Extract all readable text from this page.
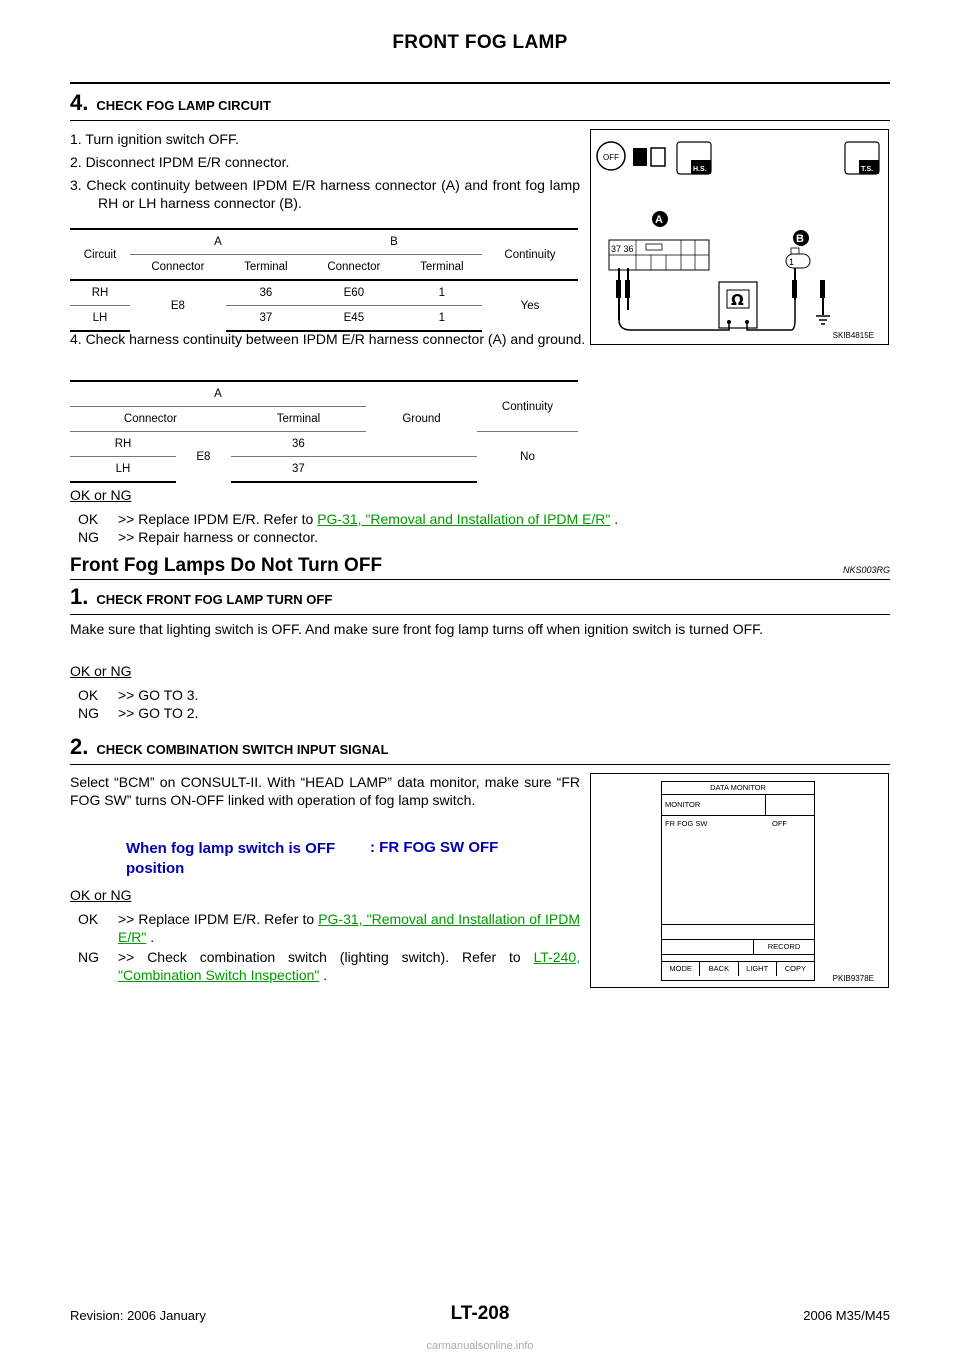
FRONT FOG LAMP
4. CHECK FOG LAMP CIRCUIT
1. Turn ignition switch OFF.
2. Disconnect IPDM E/R connector.
3. Check continuity between IPDM E/R harness connector (A) and front fog lamp RH or LH harness connector (B).
Circuit	A		B		Continuity
	Connector	Terminal	Connector	Terminal	
RH	E8	36	E60	1	Yes
LH		37	E45	1	
4. Check harness continuity between IPDM E/R harness connector (A) and ground.
A			Ground	Continuity
Connector		Terminal		
RH	E8	36		No
LH		37		
OK or NG
OK >> Replace IPDM E/R. Refer to PG-31, "Removal and Installation of IPDM E/R" .
NG >> Repair harness or connector.
OFF
H.S.	T.S.
A
37 36
Ω
B
1
SKIB4815E
Front Fog Lamps Do Not Turn OFF	NKS003RG
1. CHECK FRONT FOG LAMP TURN OFF
Make sure that lighting switch is OFF. And make sure front fog lamp turns off when ignition switch is turned OFF.
OK or NG
OK >> GO TO 3.
NG >> GO TO 2.
2. CHECK COMBINATION SWITCH INPUT SIGNAL
Select “BCM” on CONSULT-II. With “HEAD LAMP” data monitor, make sure “FR FOG SW” turns ON-OFF linked with operation of fog lamp switch.
When fog lamp switch is OFF position
: FR FOG SW OFF
OK or NG
OK	>> Replace IPDM E/R. Refer to PG-31, "Removal and Installation of IPDM E/R" .
NG	>> Check combination switch (lighting switch). Refer to LT-240, "Combination Switch Inspection" .
DATA MONITOR
MONITOR
FR FOG SW	OFF
RECORD
MODE	BACK	LIGHT	COPY
PKIB9378E
Revision: 2006 January	LT-208	2006 M35/M45
carmanualsonline.info
